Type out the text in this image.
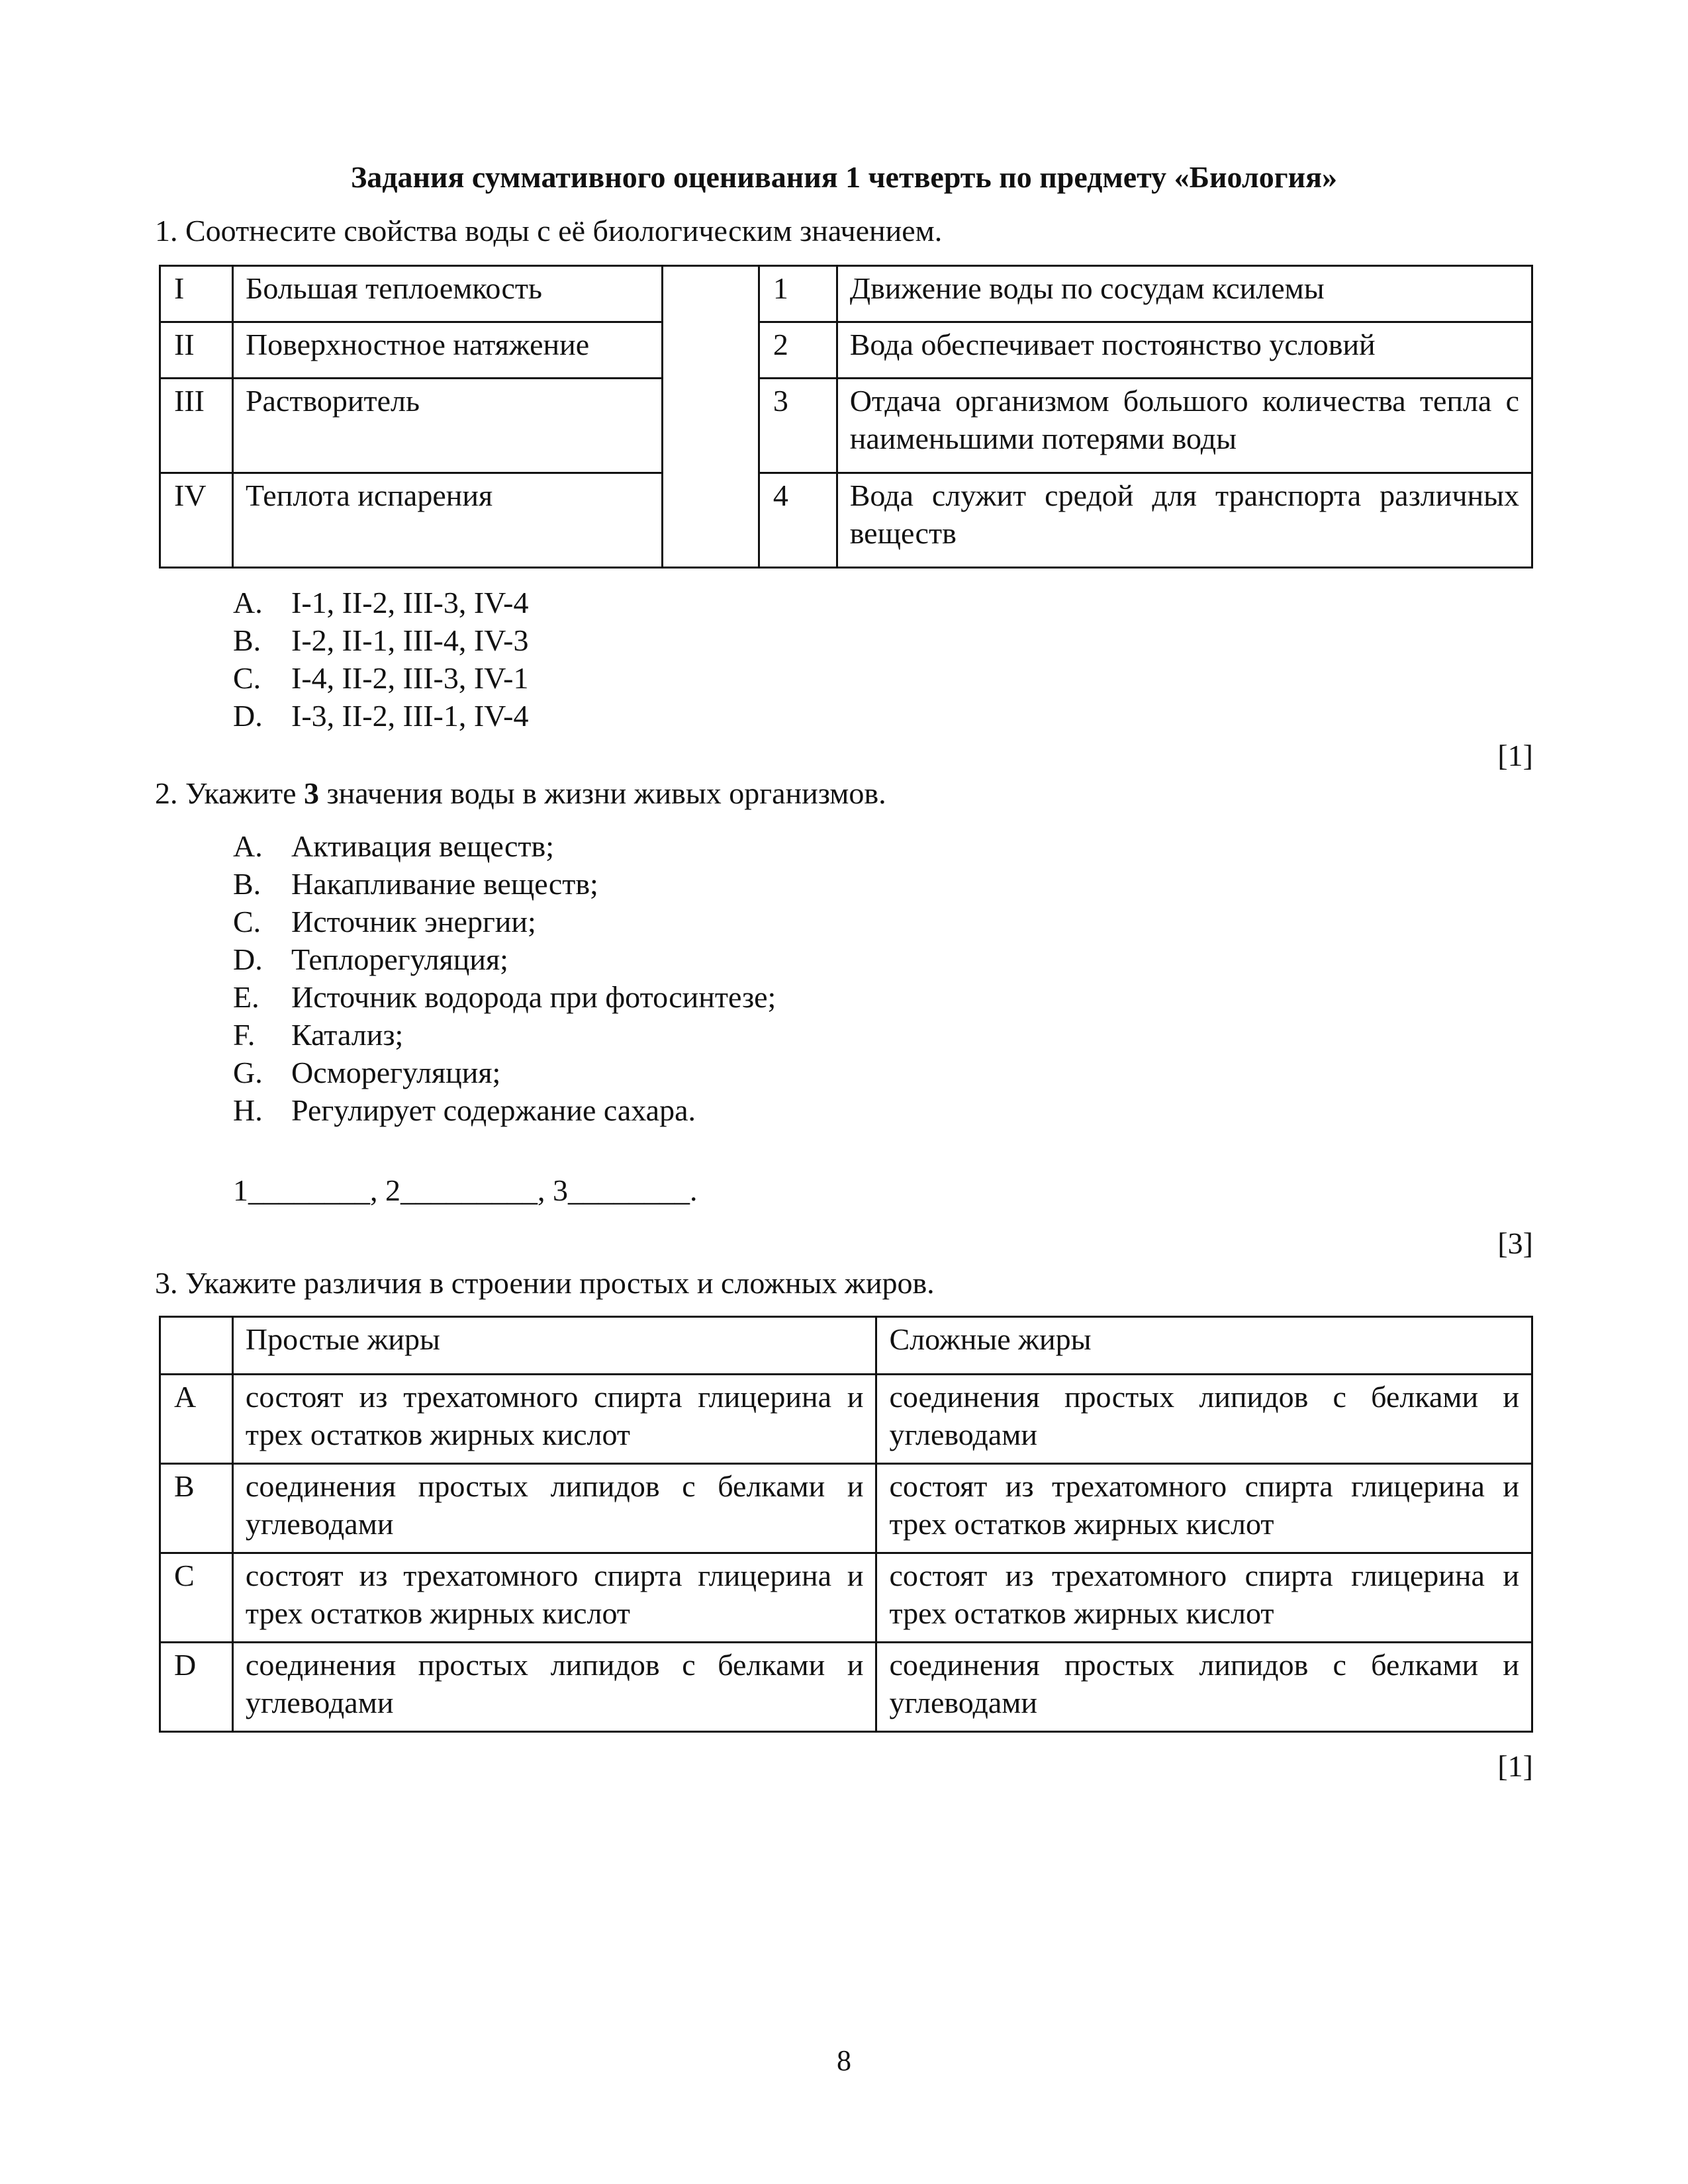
Задания суммативного оценивания 1 четверть по предмету «Биология»
1. Соотнесите свойства воды с её биологическим значением.
I	Большая теплоемкость		1	Движение воды по сосудам ксилемы
II	Поверхностное натяжение		2	Вода обеспечивает постоянство условий
III	Растворитель		3	Отдача организмом большого количества тепла с наименьшими потерями воды
IV	Теплота испарения		4	Вода служит средой для транспорта различных веществ
A. I-1, II-2, III-3, IV-4
B. I-2, II-1, III-4, IV-3
C. I-4, II-2, III-3, IV-1
D. I-3, II-2, III-1, IV-4
[1]
2. Укажите 3 значения воды в жизни живых организмов.
A. Активация веществ;
B. Накапливание веществ;
C. Источник энергии;
D. Теплорегуляция;
E. Источник водорода при фотосинтезе;
F. Катализ;
G. Осморегуляция;
H. Регулирует содержание сахара.
1________, 2_________, 3________.
[3]
3. Укажите различия в строении простых и сложных жиров.
	Простые жиры	Сложные жиры
A	состоят из трехатомного спирта глицерина и трех остатков жирных кислот	соединения простых липидов с белками и углеводами
B	соединения простых липидов с белками и углеводами	состоят из трехатомного спирта глицерина и трех остатков жирных кислот
C	состоят из трехатомного спирта глицерина и трех остатков жирных кислот	состоят из трехатомного спирта глицерина и трех остатков жирных кислот
D	соединения простых липидов с белками и углеводами	соединения простых липидов с белками и углеводами
[1]
8
